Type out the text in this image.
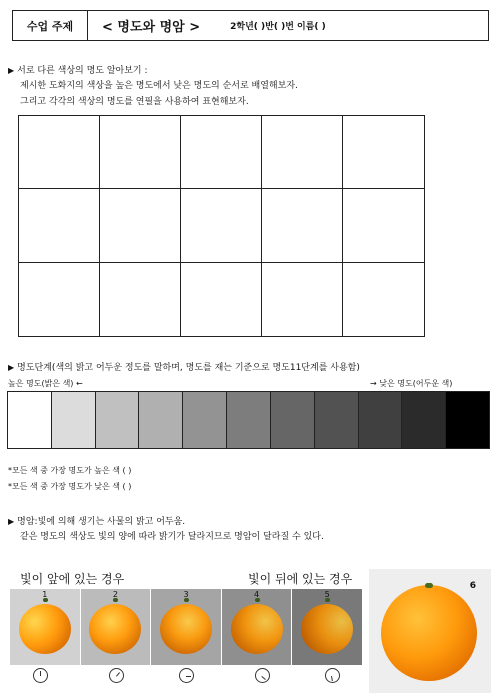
수업 주제	< 명도와 명암 >	2학년( )반( )번 이름( )
▶ 서로 다른 색상의 명도 알아보기 :
제시한 도화지의 색상을 높은 명도에서 낮은 명도의 순서로 배열해보자.
그리고 각각의 색상의 명도를 연필을 사용하여 표현해보자.
▶ 명도단계(색의 밝고 어두운 정도를 말하며, 명도를 재는 기준으로 명도11단계를 사용함)
높은 명도(밝은 색) ←	→ 낮은 명도(어두운 색)
*모든 색 중 가장 명도가 높은 색 ( )
*모든 색 중 가장 명도가 낮은 색 ( )
▶ 명암:빛에 의해 생기는 사물의 밝고 어두움.
같은 명도의 색상도 빛의 양에 따라 밝기가 달라지므로 명암이 달라질 수 있다.
빛이 앞에 있는 경우	빛이 뒤에 있는 경우
1	2	3	4	5
6
